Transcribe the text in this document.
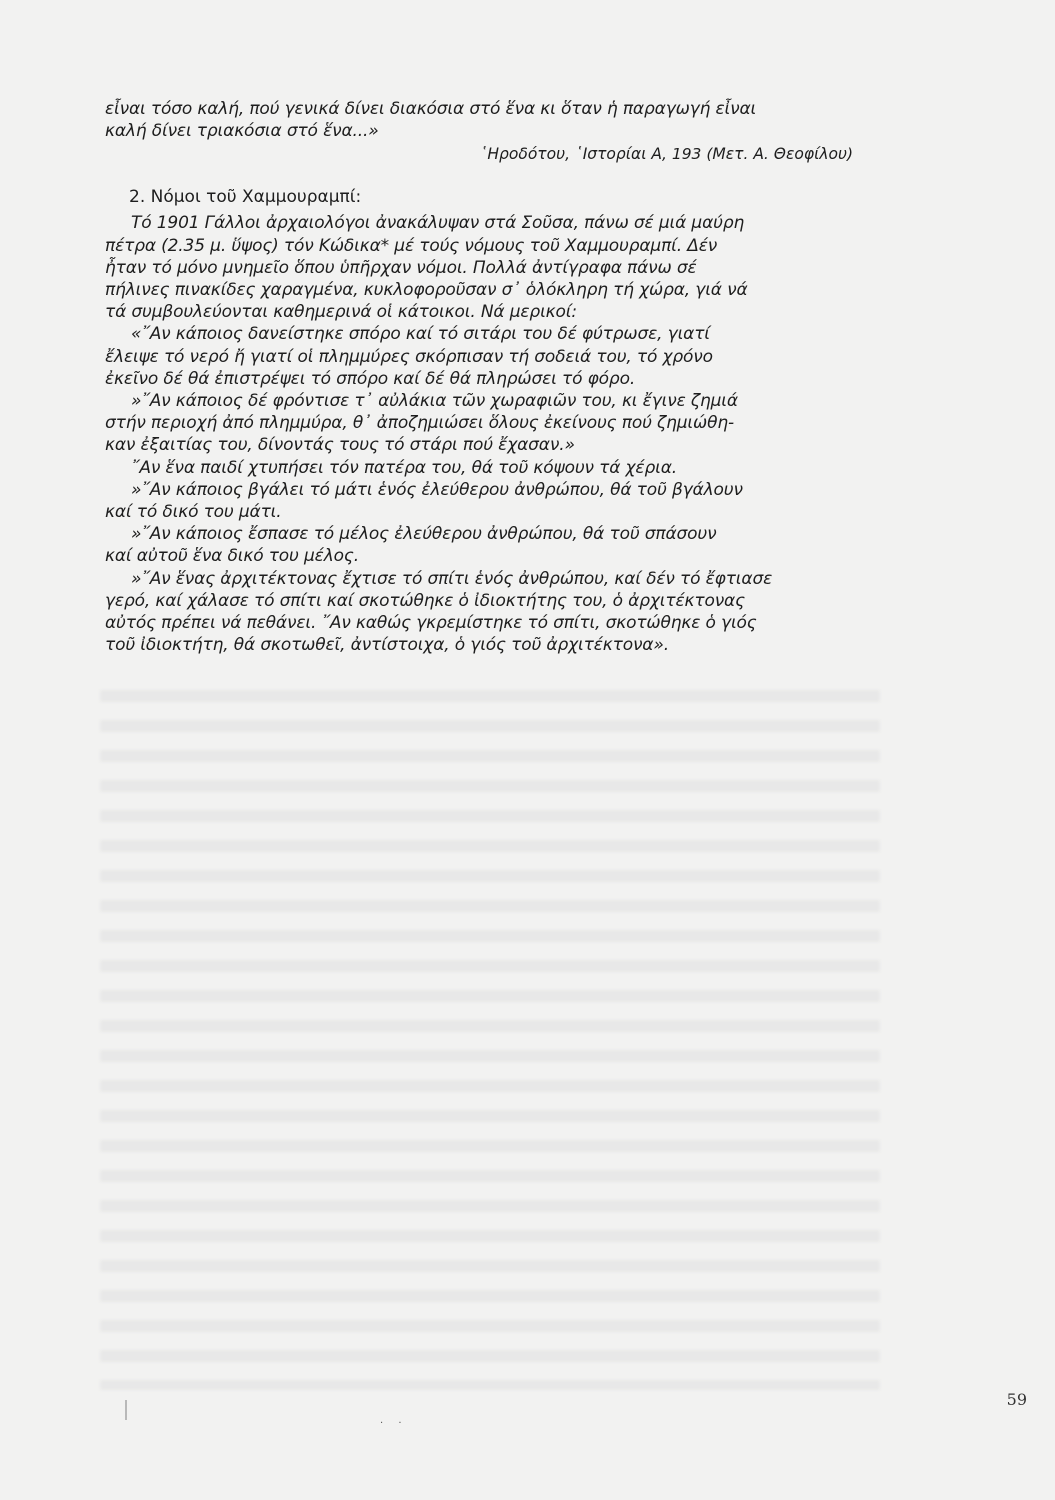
εἶναι τόσο καλή, πού γενικά δίνει διακόσια στό ἕνα κι ὅταν ἡ παραγωγή εἶναι
καλή δίνει τριακόσια στό ἕνα...»
῾Ηροδότου, ῾Ιστορίαι Α, 193 (Μετ. Α. Θεοφίλου)
2. Νόμοι τοῦ Χαμμουραμπί:
Τό 1901 Γάλλοι ἀρχαιολόγοι ἀνακάλυψαν στά Σοῦσα, πάνω σέ μιά μαύρη
πέτρα (2.35 μ. ὕψος) τόν Κώδικα* μέ τούς νόμους τοῦ Χαμμουραμπί. Δέν
ἦταν τό μόνο μνημεῖο ὅπου ὑπῆρχαν νόμοι. Πολλά ἀντίγραφα πάνω σέ
πήλινες πινακίδες χαραγμένα, κυκλοφοροῦσαν σ᾽ ὁλόκληρη τή χώρα, γιά νά
τά συμβουλεύονται καθημερινά οἱ κάτοικοι. Νά μερικοί:
«῎Αν κάποιος δανείστηκε σπόρο καί τό σιτάρι του δέ φύτρωσε, γιατί
ἔλειψε τό νερό ἤ γιατί οἱ πλημμύρες σκόρπισαν τή σοδειά του, τό χρόνο
ἐκεῖνο δέ θά ἐπιστρέψει τό σπόρο καί δέ θά πληρώσει τό φόρο.
»῎Αν κάποιος δέ φρόντισε τ᾽ αὐλάκια τῶν χωραφιῶν του, κι ἔγινε ζημιά
στήν περιοχή ἀπό πλημμύρα, θ᾽ ἀποζημιώσει ὅλους ἐκείνους πού ζημιώθη-
καν ἐξαιτίας του, δίνοντάς τους τό στάρι πού ἔχασαν.»
῎Αν ἕνα παιδί χτυπήσει τόν πατέρα του, θά τοῦ κόψουν τά χέρια.
»῎Αν κάποιος βγάλει τό μάτι ἑνός ἐλεύθερου ἀνθρώπου, θά τοῦ βγάλουν
καί τό δικό του μάτι.
»῎Αν κάποιος ἔσπασε τό μέλος ἐλεύθερου ἀνθρώπου, θά τοῦ σπάσουν
καί αὐτοῦ ἕνα δικό του μέλος.
»῎Αν ἕνας ἀρχιτέκτονας ἔχτισε τό σπίτι ἑνός ἀνθρώπου, καί δέν τό ἔφτιασε
γερό, καί χάλασε τό σπίτι καί σκοτώθηκε ὁ ἰδιοκτήτης του, ὁ ἀρχιτέκτονας
αὐτός πρέπει νά πεθάνει. ῎Αν καθώς γκρεμίστηκε τό σπίτι, σκοτώθηκε ὁ γιός
τοῦ ἰδιοκτήτη, θά σκοτωθεῖ, ἀντίστοιχα, ὁ γιός τοῦ ἀρχιτέκτονα».
· ·
59
